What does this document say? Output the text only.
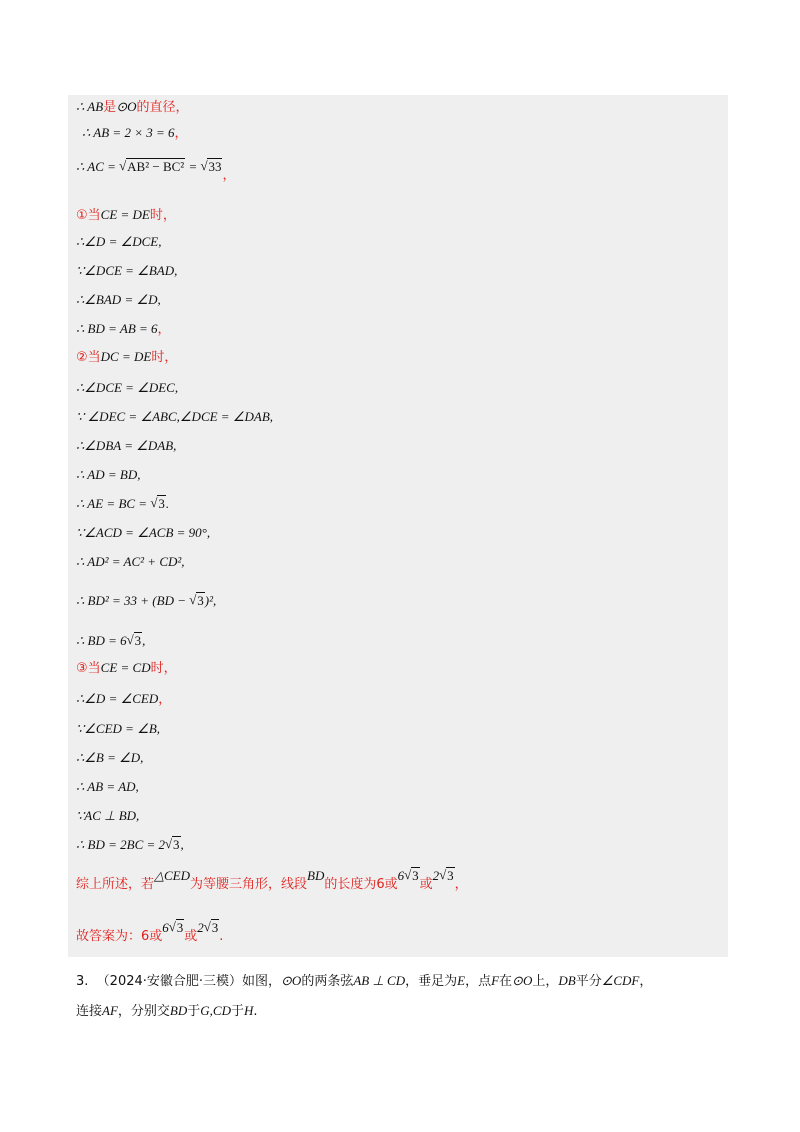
∴ AB是⊙O的直径，
∴ AB = 2 × 3 = 6，
∴ AC = √ AB² − BC² = √ 33，
①当CE = DE时，
∴∠D = ∠DCE,
∵∠DCE = ∠BAD,
∴∠BAD = ∠D,
∴ BD = AB = 6，
②当DC = DE时，
∴∠DCE = ∠DEC,
∵ ∠DEC = ∠ABC,∠DCE = ∠DAB,
∴∠DBA = ∠DAB,
∴ AD = BD,
∴ AE = BC = √ 3.
∵∠ACD = ∠ACB = 90°,
∴ AD² = AC² + CD²,
∴ BD² = 33 + (BD − √ 3)²,
∴ BD = 6 √ 3,
③当CE = CD时，
∴∠D = ∠CED，
∵∠CED = ∠B,
∴∠B = ∠D,
∴ AB = AD,
∵AC ⊥ BD,
∴ BD = 2BC = 2 √ 3,
综上所述，若△CED为等腰三角形，线段BD的长度为6或6 √ 3或2 √ 3，
故答案为：6或6 √ 3或2 √ 3.
3. （2024·安徽合肥·三模）如图，⊙O的两条弦AB ⊥ CD，垂足为E，点F在⊙O上，DB平分∠CDF，
连接AF，分别交BD于G,CD于H.
